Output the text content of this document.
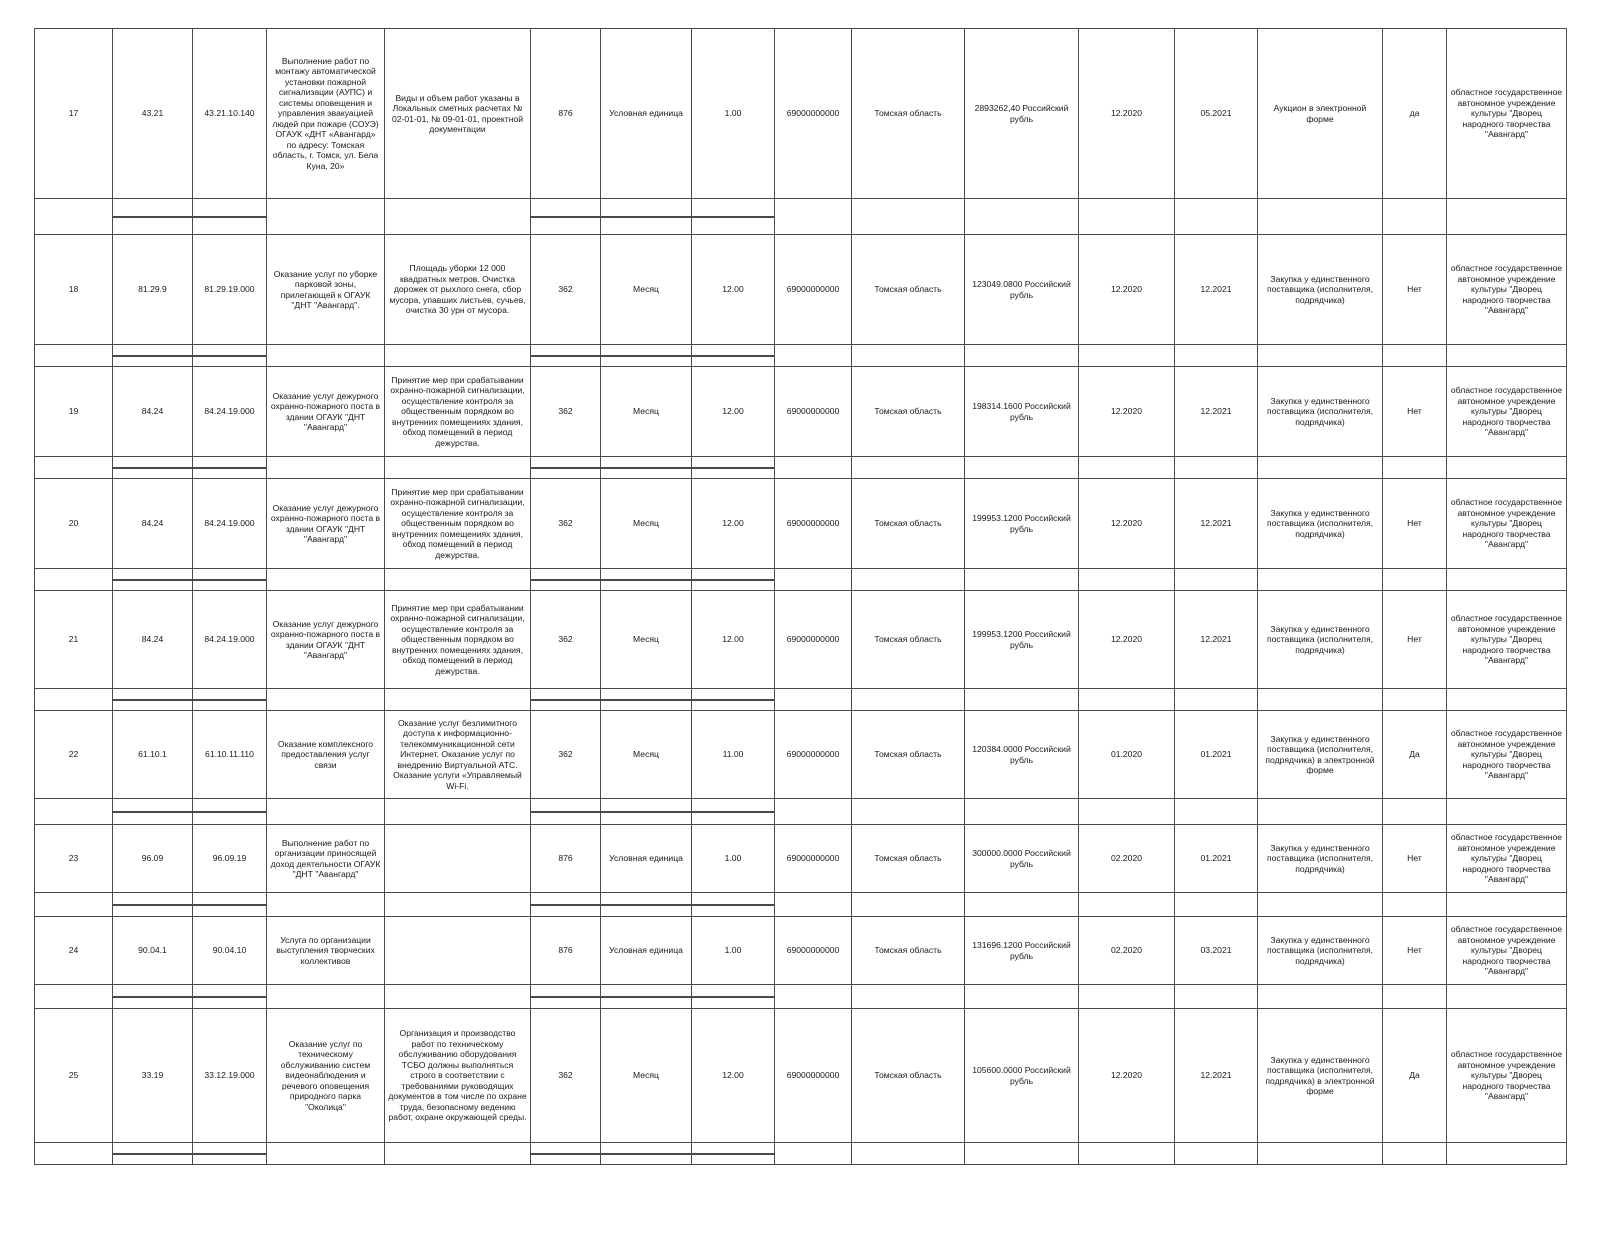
17	43.21	43.21.10.140	Выполнение работ по монтажу автоматической установки пожарной сигнализации (АУПС) и системы оповещения и управления эвакуацией людей при пожаре (СОУЭ) ОГАУК «ДНТ «Авангард» по адресу: Томская область, г. Томск, ул. Бела Куна, 20»	Виды и объем работ указаны в Локальных сметных расчетах № 02-01-01, № 09-01-01, проектной документации	876	Условная единица	1.00	69000000000	Томская область	2893262,40 Российский рубль	12.2020	05.2021	Аукцион в электронной форме	да	областное государственное автономное учреждение культуры "Дворец народного творчества "Авангард"

18	81.29.9	81.29.19.000	Оказание услуг по уборке парковой зоны, прилегающей к ОГАУК "ДНТ "Авангард".	Площадь уборки 12 000 квадратных метров. Очистка дорожек от рыхлого снега, сбор мусора, упавших листьев, сучьев, очистка 30 урн от мусора.	362	Месяц	12.00	69000000000	Томская область	123049.0800 Российский рубль	12.2020	12.2021	Закупка у единственного поставщика (исполнителя, подрядчика)	Нет	областное государственное автономное учреждение культуры "Дворец народного творчества "Авангард"

19	84.24	84.24.19.000	Оказание услуг дежурного охранно-пожарного поста в здании ОГАУК "ДНТ "Авангард"	Принятие мер при срабатывании охранно-пожарной сигнализации, осуществление контроля за общественным порядком во внутренних помещениях здания, обход помещений в период дежурства.	362	Месяц	12.00	69000000000	Томская область	198314.1600 Российский рубль	12.2020	12.2021	Закупка у единственного поставщика (исполнителя, подрядчика)	Нет	областное государственное автономное учреждение культуры "Дворец народного творчества "Авангард"

20	84.24	84.24.19.000	Оказание услуг дежурного охранно-пожарного поста в здании ОГАУК "ДНТ "Авангард"	Принятие мер при срабатывании охранно-пожарной сигнализации, осуществление контроля за общественным порядком во внутренних помещениях здания, обход помещений в период дежурства.	362	Месяц	12.00	69000000000	Томская область	199953.1200 Российский рубль	12.2020	12.2021	Закупка у единственного поставщика (исполнителя, подрядчика)	Нет	областное государственное автономное учреждение культуры "Дворец народного творчества "Авангард"

21	84.24	84.24.19.000	Оказание услуг дежурного охранно-пожарного поста в здании ОГАУК "ДНТ "Авангард"	Принятие мер при срабатывании охранно-пожарной сигнализации, осуществление контроля за общественным порядком во внутренних помещениях здания, обход помещений в период дежурства.	362	Месяц	12.00	69000000000	Томская область	199953.1200 Российский рубль	12.2020	12.2021	Закупка у единственного поставщика (исполнителя, подрядчика)	Нет	областное государственное автономное учреждение культуры "Дворец народного творчества "Авангард"

22	61.10.1	61.10.11.110	Оказание комплексного предоставления услуг связи	Оказание услуг безлимитного доступа к информационно-телекоммуникационной сети Интернет. Оказание услуг по внедрению Виртуальной АТС. Оказание услуги «Управляемый Wi-Fi.	362	Месяц	11.00	69000000000	Томская область	120384.0000 Российский рубль	01.2020	01.2021	Закупка у единственного поставщика (исполнителя, подрядчика) в электронной форме	Да	областное государственное автономное учреждение культуры "Дворец народного творчества "Авангард"

23	96.09	96.09.19	Выполнение работ по организации приносящей доход деятельности ОГАУК "ДНТ "Авангард"		876	Условная единица	1.00	69000000000	Томская область	300000.0000 Российский рубль	02.2020	01.2021	Закупка у единственного поставщика (исполнителя, подрядчика)	Нет	областное государственное автономное учреждение культуры "Дворец народного творчества "Авангард"

24	90.04.1	90.04.10	Услуга по организации выступления творческих коллективов		876	Условная единица	1.00	69000000000	Томская область	131696.1200 Российский рубль	02.2020	03.2021	Закупка у единственного поставщика (исполнителя, подрядчика)	Нет	областное государственное автономное учреждение культуры "Дворец народного творчества "Авангард"

25	33.19	33.12.19.000	Оказание услуг по техническому обслуживанию систем видеонаблюдения и речевого оповещения природного парка "Околица"	Организация и производство работ по техническому обслуживанию оборудования ТСБО должны выполняться строго в соответствии с требованиями руководящих документов в том числе по охране труда, безопасному ведению работ, охране окружающей среды.	362	Месяц	12.00	69000000000	Томская область	105600.0000 Российский рубль	12.2020	12.2021	Закупка у единственного поставщика (исполнителя, подрядчика) в электронной форме	Да	областное государственное автономное учреждение культуры "Дворец народного творчества "Авангард"
